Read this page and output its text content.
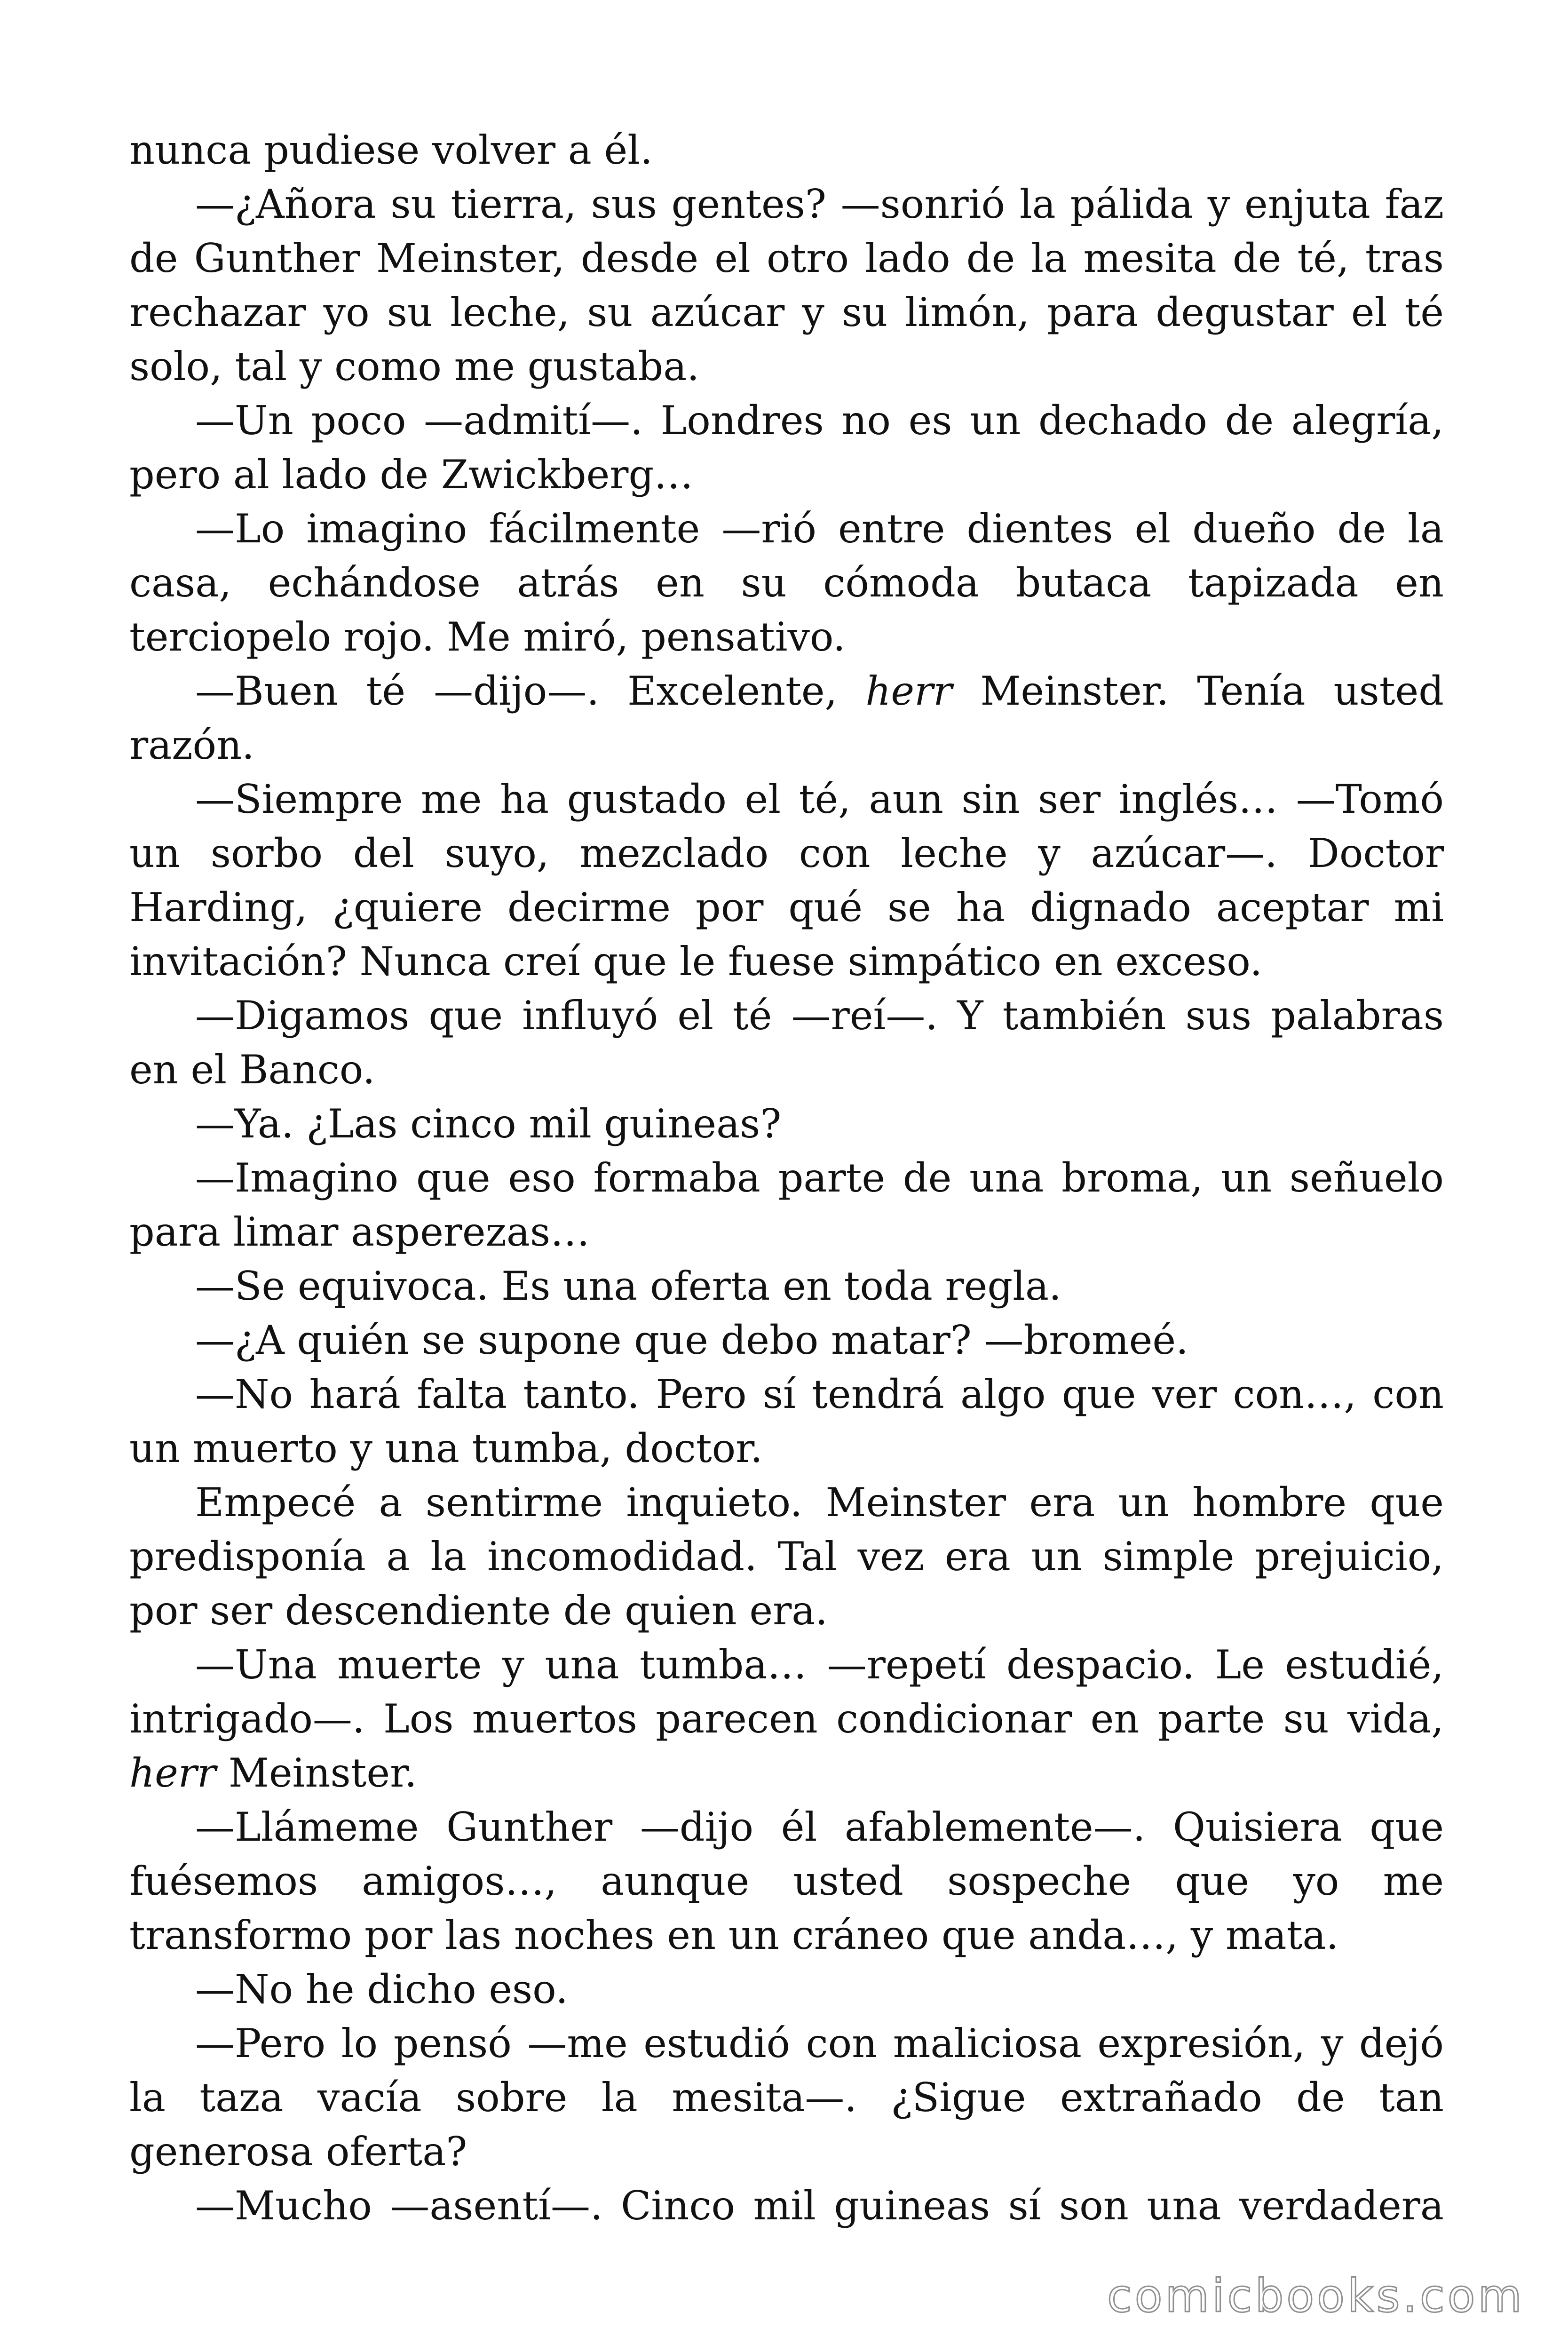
nunca pudiese volver a él.

—¿Añora su tierra, sus gentes? —sonrió la pálida y enjuta faz de Gunther Meinster, desde el otro lado de la mesita de té, tras rechazar yo su leche, su azúcar y su limón, para degustar el té solo, tal y como me gustaba.

—Un poco —admití—. Londres no es un dechado de alegría, pero al lado de Zwickberg…

—Lo imagino fácilmente —rió entre dientes el dueño de la casa, echándose atrás en su cómoda butaca tapizada en terciopelo rojo. Me miró, pensativo.

—Buen té —dijo—. Excelente, herr Meinster. Tenía usted razón.

—Siempre me ha gustado el té, aun sin ser inglés… —Tomó un sorbo del suyo, mezclado con leche y azúcar—. Doctor Harding, ¿quiere decirme por qué se ha dignado aceptar mi invitación? Nunca creí que le fuese simpático en exceso.

—Digamos que influyó el té —reí—. Y también sus palabras en el Banco.

—Ya. ¿Las cinco mil guineas?

—Imagino que eso formaba parte de una broma, un señuelo para limar asperezas…

—Se equivoca. Es una oferta en toda regla.

—¿A quién se supone que debo matar? —bromeé.

—No hará falta tanto. Pero sí tendrá algo que ver con…, con un muerto y una tumba, doctor.

Empecé a sentirme inquieto. Meinster era un hombre que predisponía a la incomodidad. Tal vez era un simple prejuicio, por ser descendiente de quien era.

—Una muerte y una tumba… —repetí despacio. Le estudié, intrigado—. Los muertos parecen condicionar en parte su vida, herr Meinster.

—Llámeme Gunther —dijo él afablemente—. Quisiera que fuésemos amigos…, aunque usted sospeche que yo me transformo por las noches en un cráneo que anda…, y mata.

—No he dicho eso.

—Pero lo pensó —me estudió con maliciosa expresión, y dejó la taza vacía sobre la mesita—. ¿Sigue extrañado de tan generosa oferta?

—Mucho —asentí—. Cinco mil guineas sí son una verdadera

comicbooks.com
